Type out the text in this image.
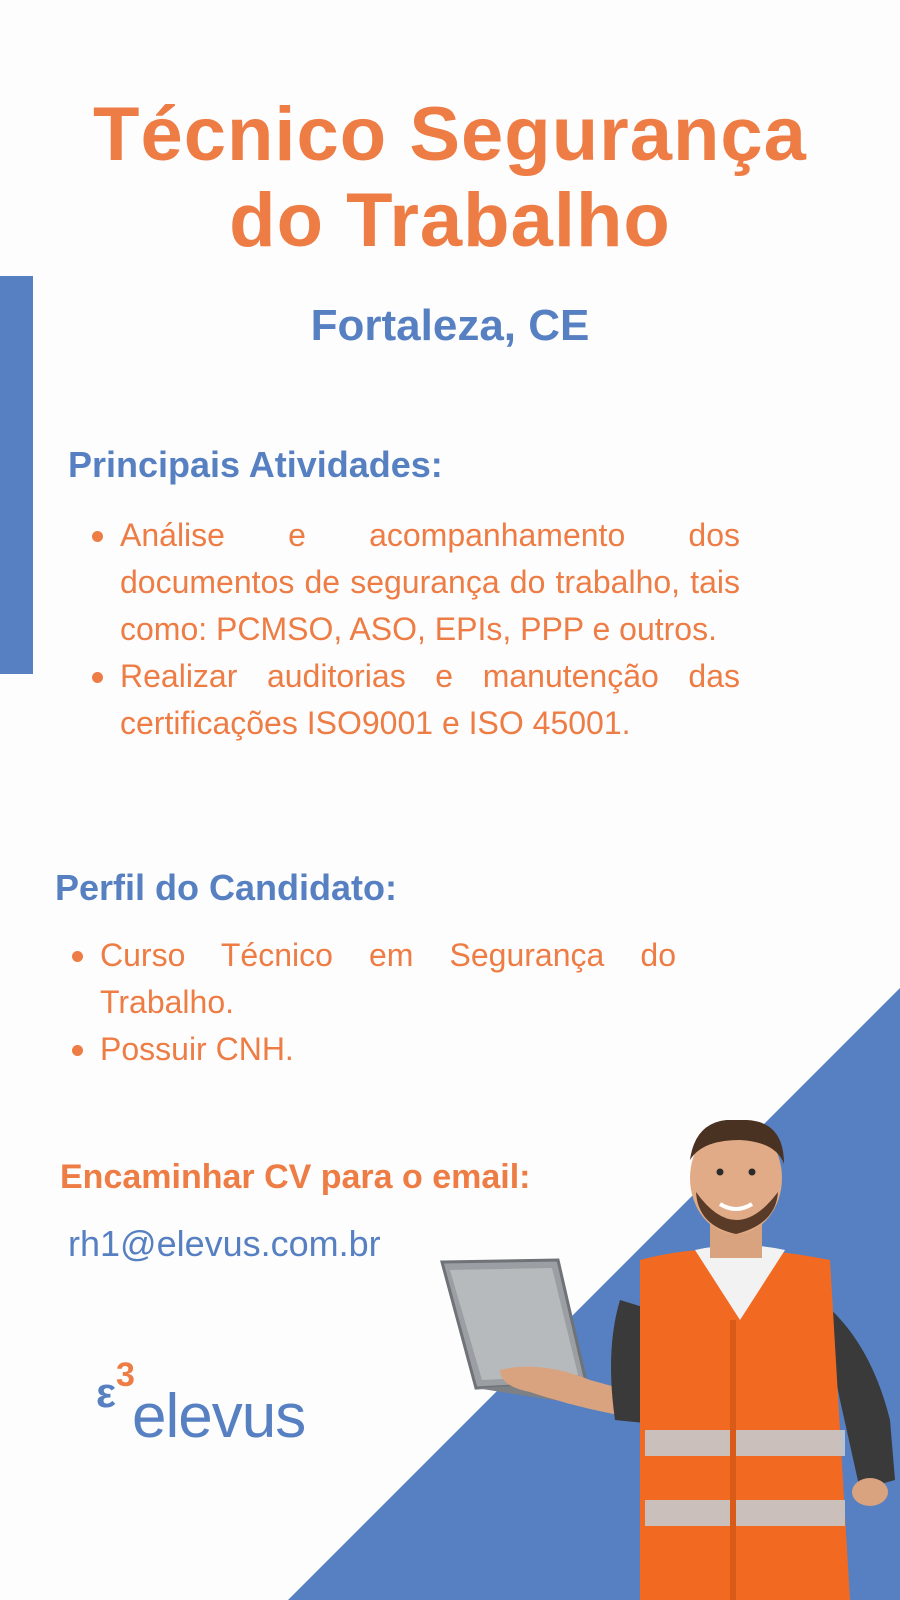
Técnico Segurança
do Trabalho
Fortaleza, CE
Principais Atividades:
Análise e acompanhamento dos documentos de segurança do trabalho, tais como: PCMSO, ASO, EPIs, PPP e outros.
Realizar auditorias e manutenção das certificações ISO9001 e ISO 45001.
Perfil do Candidato:
Curso Técnico em Segurança do Trabalho.
Possuir CNH.
Encaminhar CV para o email:
rh1@elevus.com.br
$\varepsilon^3$
elevus
